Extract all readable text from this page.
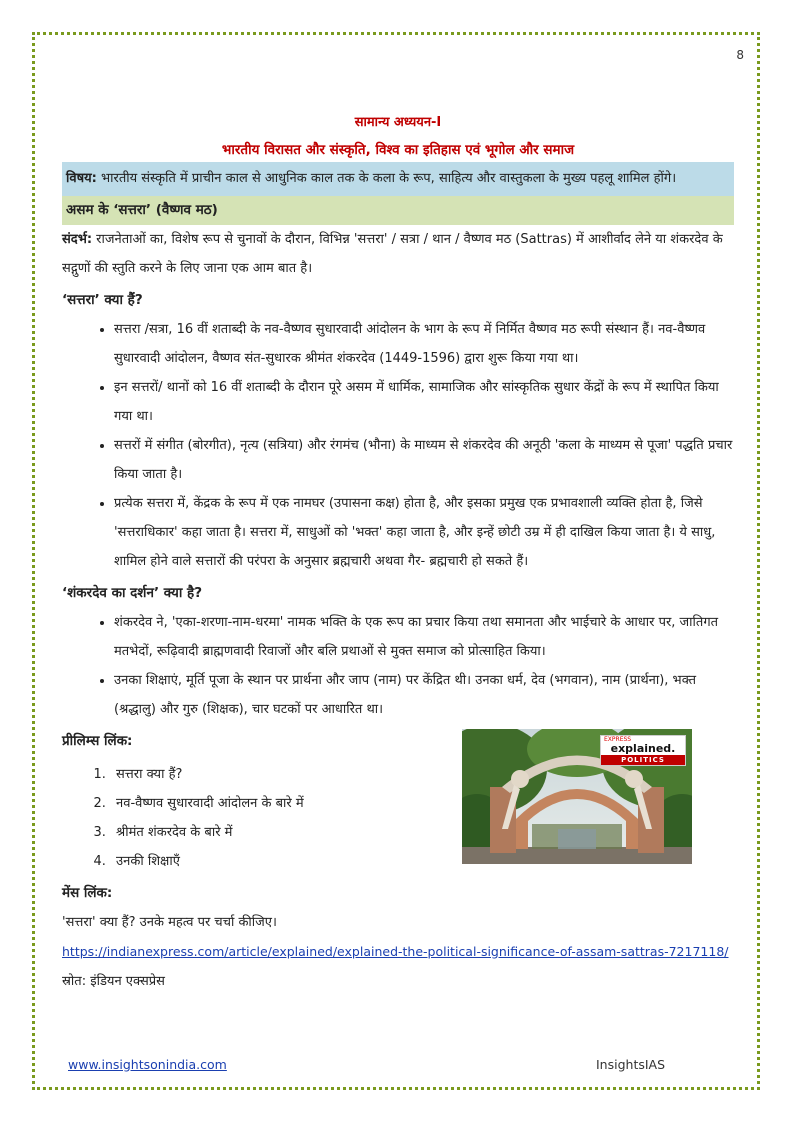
8
सामान्य अध्ययन-I
भारतीय विरासत और संस्कृति, विश्व का इतिहास एवं भूगोल और समाज
विषय: भारतीय संस्कृति में प्राचीन काल से आधुनिक काल तक के कला के रूप, साहित्य और वास्तुकला के मुख्य पहलू शामिल होंगे।
असम के ‘सत्तरा’ (वैष्णव मठ)

संदर्भ: राजनेताओं का, विशेष रूप से चुनावों के दौरान, विभिन्न 'सत्तरा' / सत्रा / थान / वैष्णव मठ (Sattras) में आशीर्वाद लेने या शंकरदेव के सद्गुणों की स्तुति करने के लिए जाना एक आम बात है।

‘सत्तरा’ क्या हैं?
• सत्तरा /सत्रा, 16 वीं शताब्दी के नव-वैष्णव सुधारवादी आंदोलन के भाग के रूप में निर्मित वैष्णव मठ रूपी संस्थान हैं। नव-वैष्णव सुधारवादी आंदोलन, वैष्णव संत-सुधारक श्रीमंत शंकरदेव (1449-1596) द्वारा शुरू किया गया था।
• इन सत्तरों/ थानों को 16 वीं शताब्दी के दौरान पूरे असम में धार्मिक, सामाजिक और सांस्कृतिक सुधार केंद्रों के रूप में स्थापित किया गया था।
• सत्तरों में संगीत (बोरगीत), नृत्य (सत्रिया) और रंगमंच (भौना) के माध्यम से शंकरदेव की अनूठी 'कला के माध्यम से पूजा' पद्धति प्रचार किया जाता है।
• प्रत्येक सत्तरा में, केंद्रक के रूप में एक नामघर (उपासना कक्ष) होता है, और इसका प्रमुख एक प्रभावशाली व्यक्ति होता है, जिसे 'सत्तराधिकार' कहा जाता है। सत्तरा में, साधुओं को 'भक्त' कहा जाता है, और इन्हें छोटी उम्र में ही दाखिल किया जाता है। ये साधु, शामिल होने वाले सत्तारों की परंपरा के अनुसार ब्रह्मचारी अथवा गैर- ब्रह्मचारी हो सकते हैं।
‘शंकरदेव का दर्शन’ क्या है?
• शंकरदेव ने, 'एका-शरणा-नाम-धरमा' नामक भक्ति के एक रूप का प्रचार किया तथा समानता और भाईचारे के आधार पर, जातिगत मतभेदों, रूढ़िवादी ब्राह्मणवादी रिवाजों और बलि प्रथाओं से मुक्त समाज को प्रोत्साहित किया।
• उनका शिक्षाएं, मूर्ति पूजा के स्थान पर प्रार्थना और जाप (नाम) पर केंद्रित थी। उनका धर्म, देव (भगवान), नाम (प्रार्थना), भक्त (श्रद्धालु) और गुरु (शिक्षक), चार घटकों पर आधारित था।
प्रीलिम्स लिंक:
1. सत्तरा क्या हैं?
2. नव-वैष्णव सुधारवादी आंदोलन के बारे में
3. श्रीमंत शंकरदेव के बारे में
4. उनकी शिक्षाएँ
EXPRESS
explained.
POLITICS
मेंस लिंक:

'सत्तरा' क्या हैं? उनके महत्व पर चर्चा कीजिए।

https://indianexpress.com/article/explained/explained-the-political-significance-of-assam-sattras-7217118/

स्रोत: इंडियन एक्सप्रेस

www.insightsonindia.com	InsightsIAS
